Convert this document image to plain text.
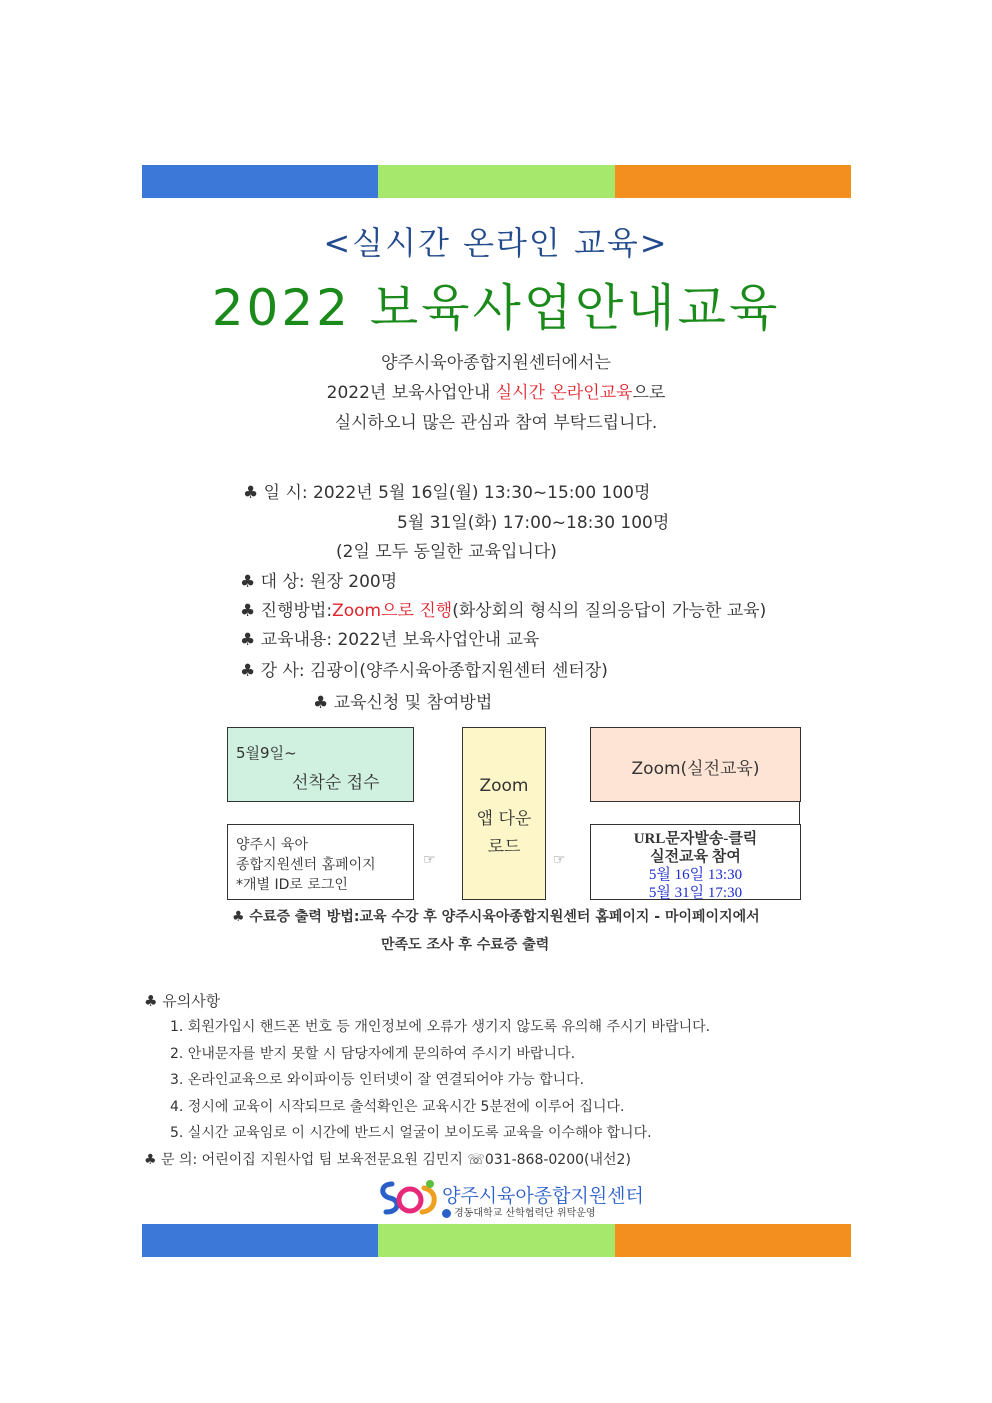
<실시간 온라인 교육>
2022 보육사업안내교육
양주시육아종합지원센터에서는
2022년 보육사업안내 실시간 온라인교육으로
실시하오니 많은 관심과 참여 부탁드립니다.
♣ 일 시: 2022년 5월 16일(월) 13:30~15:00 100명
5월 31일(화) 17:00~18:30 100명
(2일 모두 동일한 교육입니다)
♣ 대 상: 원장 200명
♣ 진행방법:Zoom으로 진행(화상회의 형식의 질의응답이 가능한 교육)
♣ 교육내용: 2022년 보육사업안내 교육
♣ 강 사: 김광이(양주시육아종합지원센터 센터장)
♣ 교육신청 및 참여방법
5월9일~
선착순 접수
양주시 육아
종합지원센터 홈페이지
*개별 ID로 로그인
☞
Zoom
앱 다운
로드
☞
Zoom(실전교육)
URL문자발송-클릭
실전교육 참여
5월 16일 13:30
5월 31일 17:30
♣ 수료증 출력 방법:교육 수강 후 양주시육아종합지원센터 홈페이지 - 마이페이지에서
만족도 조사 후 수료증 출력
♣ 유의사항
1. 회원가입시 핸드폰 번호 등 개인정보에 오류가 생기지 않도록 유의해 주시기 바랍니다.
2. 안내문자를 받지 못할 시 담당자에게 문의하여 주시기 바랍니다.
3. 온라인교육으로 와이파이등 인터넷이 잘 연결되어야 가능 합니다.
4. 정시에 교육이 시작되므로 출석확인은 교육시간 5분전에 이루어 집니다.
5. 실시간 교육임로 이 시간에 반드시 얼굴이 보이도록 교육을 이수해야 합니다.
♣ 문 의: 어린이집 지원사업 팀 보육전문요원 김민지 ☏031-868-0200(내선2)
양주시육아종합지원센터
경동대학교 산학협력단 위탁운영
